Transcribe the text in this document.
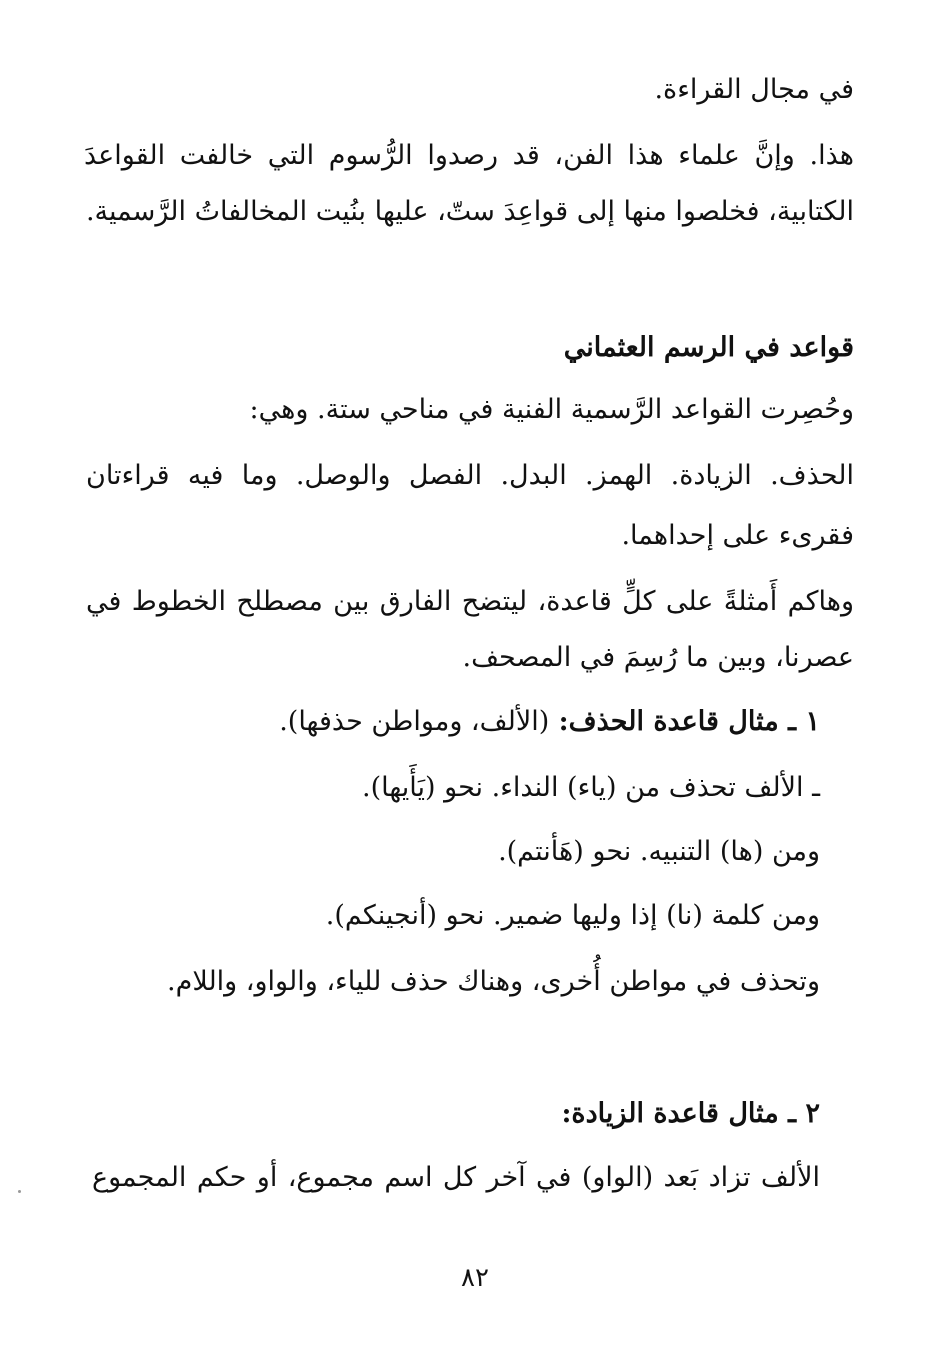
في مجال القراءة.
هذا. وإنَّ علماء هذا الفن، قد رصدوا الرُّسوم التي خالفت القواعدَ
الكتابية، فخلصوا منها إلى قواعِدَ ستّ، عليها بنُيت المخالفاتُ الرَّسمية.
قواعد في الرسم العثماني
وحُصِرت القواعد الرَّسمية الفنية في مناحي ستة. وهي:
الحذف. الزيادة. الهمز. البدل. الفصل والوصل. وما فيه قراءتان
فقرىء على إحداهما.
وهاكم أَمثلةً على كلٍّ قاعدة، ليتضح الفارق بين مصطلح الخطوط في
عصرنا، وبين ما رُسِمَ في المصحف.
١ ـ مثال قاعدة الحذف: (الألف، ومواطن حذفها).
ـ الألف تحذف من (ياء) النداء. نحو (يَأَيها).
ومن (ها) التنبيه. نحو (هَأنتم).
ومن كلمة (نا) إذا وليها ضمير. نحو (أنجينكم).
وتحذف في مواطن أُخرى، وهناك حذف للياء، والواو، واللام.
٢ ـ مثال قاعدة الزيادة:
الألف تزاد بَعد (الواو) في آخر كل اسم مجموع، أو حكم المجموع
٨٢
